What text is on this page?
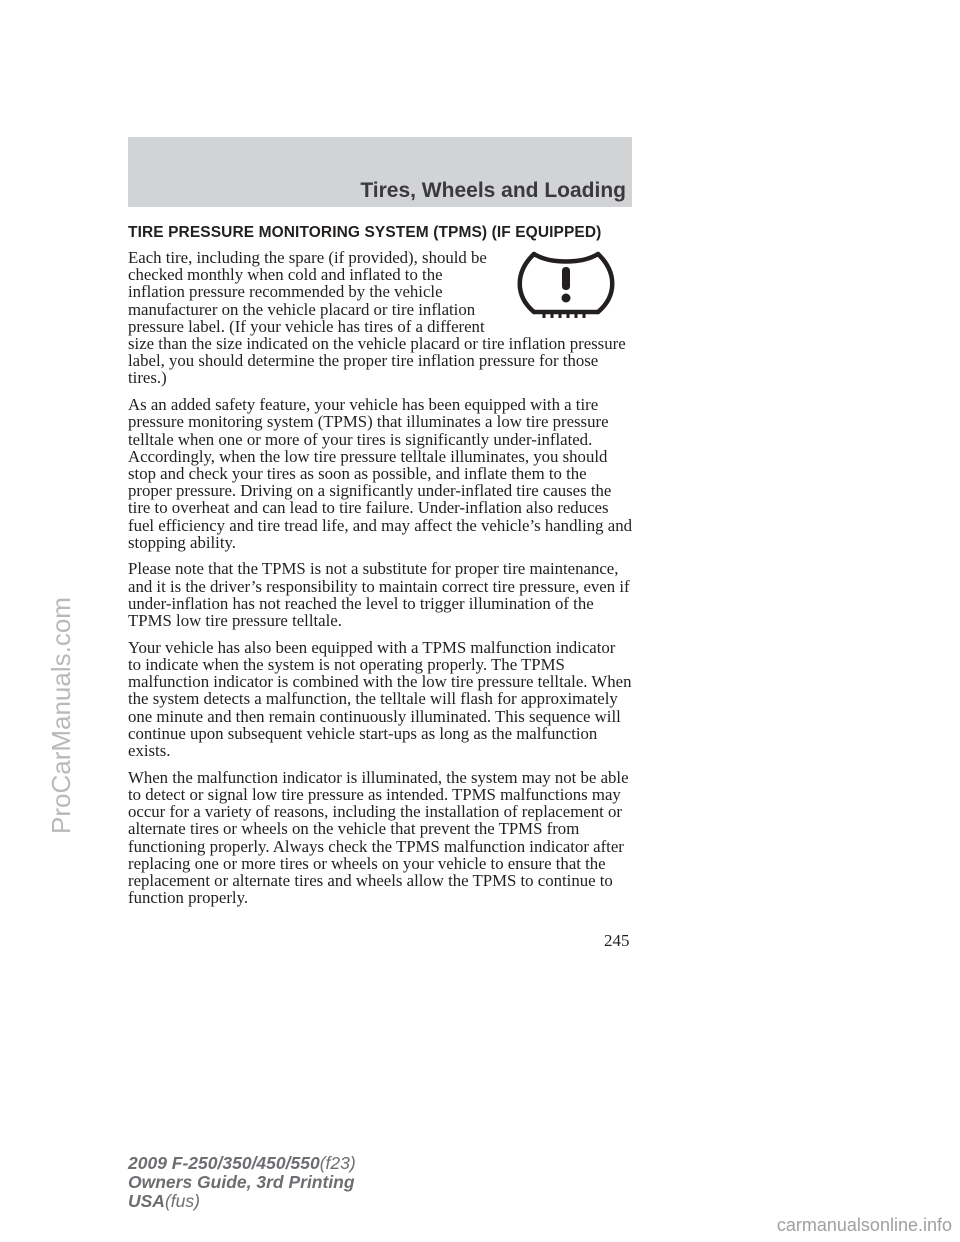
Tires, Wheels and Loading
TIRE PRESSURE MONITORING SYSTEM (TPMS) (IF EQUIPPED)

Each tire, including the spare (if provided), should be checked monthly when cold and inflated to the inflation pressure recommended by the vehicle manufacturer on the vehicle placard or tire inflation pressure label. (If your vehicle has tires of a different size than the size indicated on the vehicle placard or tire inflation pressure label, you should determine the proper tire inflation pressure for those tires.)

As an added safety feature, your vehicle has been equipped with a tire pressure monitoring system (TPMS) that illuminates a low tire pressure telltale when one or more of your tires is significantly under-inflated. Accordingly, when the low tire pressure telltale illuminates, you should stop and check your tires as soon as possible, and inflate them to the proper pressure. Driving on a significantly under-inflated tire causes the tire to overheat and can lead to tire failure. Under-inflation also reduces fuel efficiency and tire tread life, and may affect the vehicle’s handling and stopping ability.

Please note that the TPMS is not a substitute for proper tire maintenance, and it is the driver’s responsibility to maintain correct tire pressure, even if under-inflation has not reached the level to trigger illumination of the TPMS low tire pressure telltale.

Your vehicle has also been equipped with a TPMS malfunction indicator to indicate when the system is not operating properly. The TPMS malfunction indicator is combined with the low tire pressure telltale. When the system detects a malfunction, the telltale will flash for approximately one minute and then remain continuously illuminated. This sequence will continue upon subsequent vehicle start-ups as long as the malfunction exists.

When the malfunction indicator is illuminated, the system may not be able to detect or signal low tire pressure as intended. TPMS malfunctions may occur for a variety of reasons, including the installation of replacement or alternate tires or wheels on the vehicle that prevent the TPMS from functioning properly. Always check the TPMS malfunction indicator after replacing one or more tires or wheels on your vehicle to ensure that the replacement or alternate tires and wheels allow the TPMS to continue to function properly.

245
2009 F-250/350/450/550(f23)
Owners Guide, 3rd Printing
USA(fus)
ProCarManuals.com
carmanualsonline.info
